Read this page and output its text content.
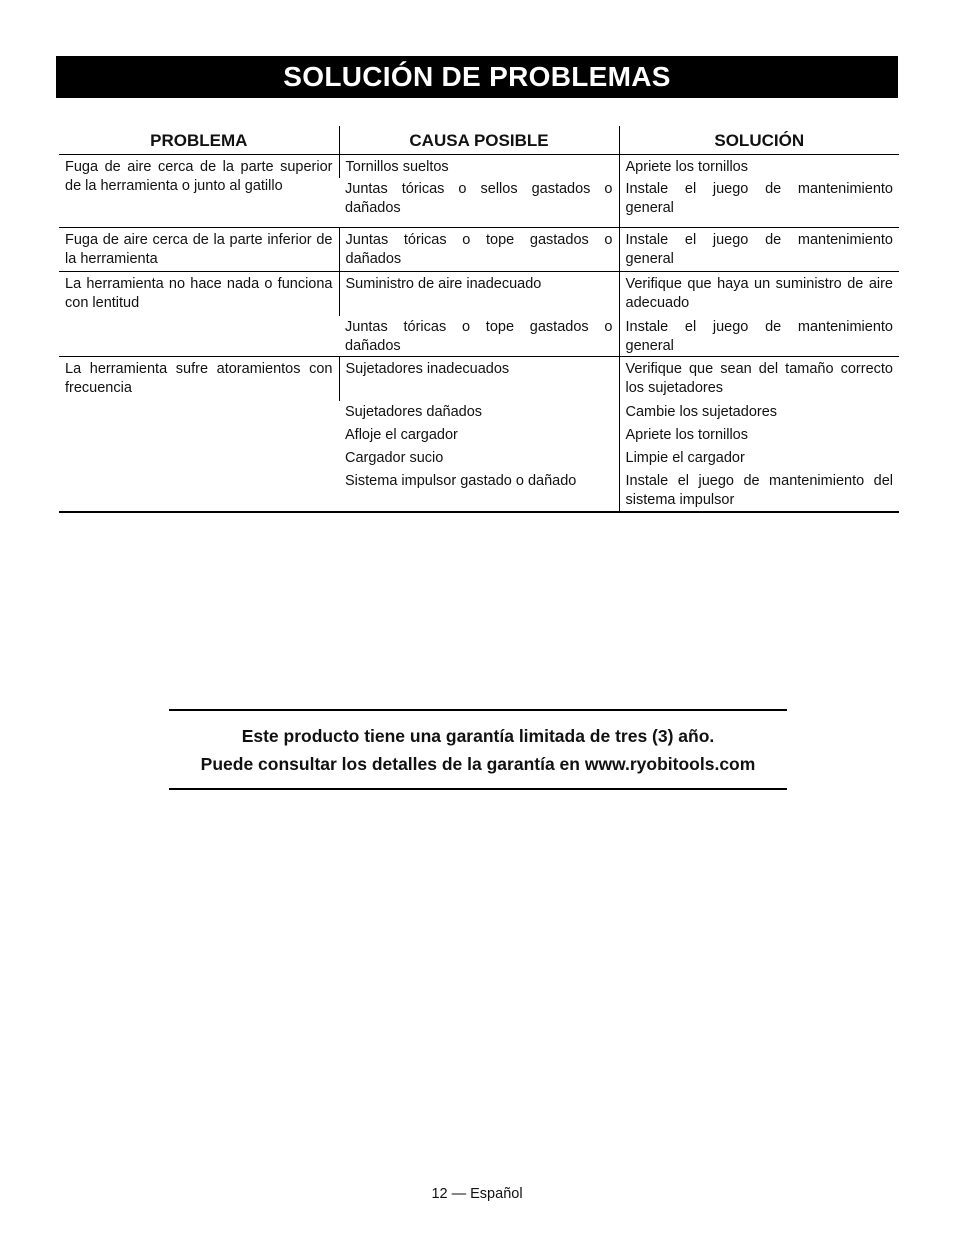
SOLUCIÓN DE PROBLEMAS
PROBLEMA	CAUSA POSIBLE	SOLUCIÓN

Fuga de aire cerca de la parte superior de la herramienta o junto al gatillo	Tornillos sueltos	Apriete los tornillos

	Juntas tóricas o sellos gastados o dañados	Instale el juego de mantenimiento general

Fuga de aire cerca de la parte inferior de la herramienta	Juntas tóricas o tope gastados o dañados	Instale el juego de mantenimiento general

La herramienta no hace nada o funciona con lentitud	Suministro de aire inadecuado	Verifique que haya un suministro de aire adecuado

	Juntas tóricas o tope gastados o dañados	Instale el juego de mantenimiento general

La herramienta sufre atoramientos con frecuencia	Sujetadores inadecuados	Verifique que sean del tamaño correcto los sujetadores

	Sujetadores dañados	Cambie los sujetadores

	Afloje el cargador	Apriete los tornillos

	Cargador sucio	Limpie el cargador

	Sistema impulsor gastado o dañado	Instale el juego de mantenimiento del sistema impulsor
Este producto tiene una garantía limitada de tres (3) año.
Puede consultar los detalles de la garantía en www.ryobitools.com
12 — Español
